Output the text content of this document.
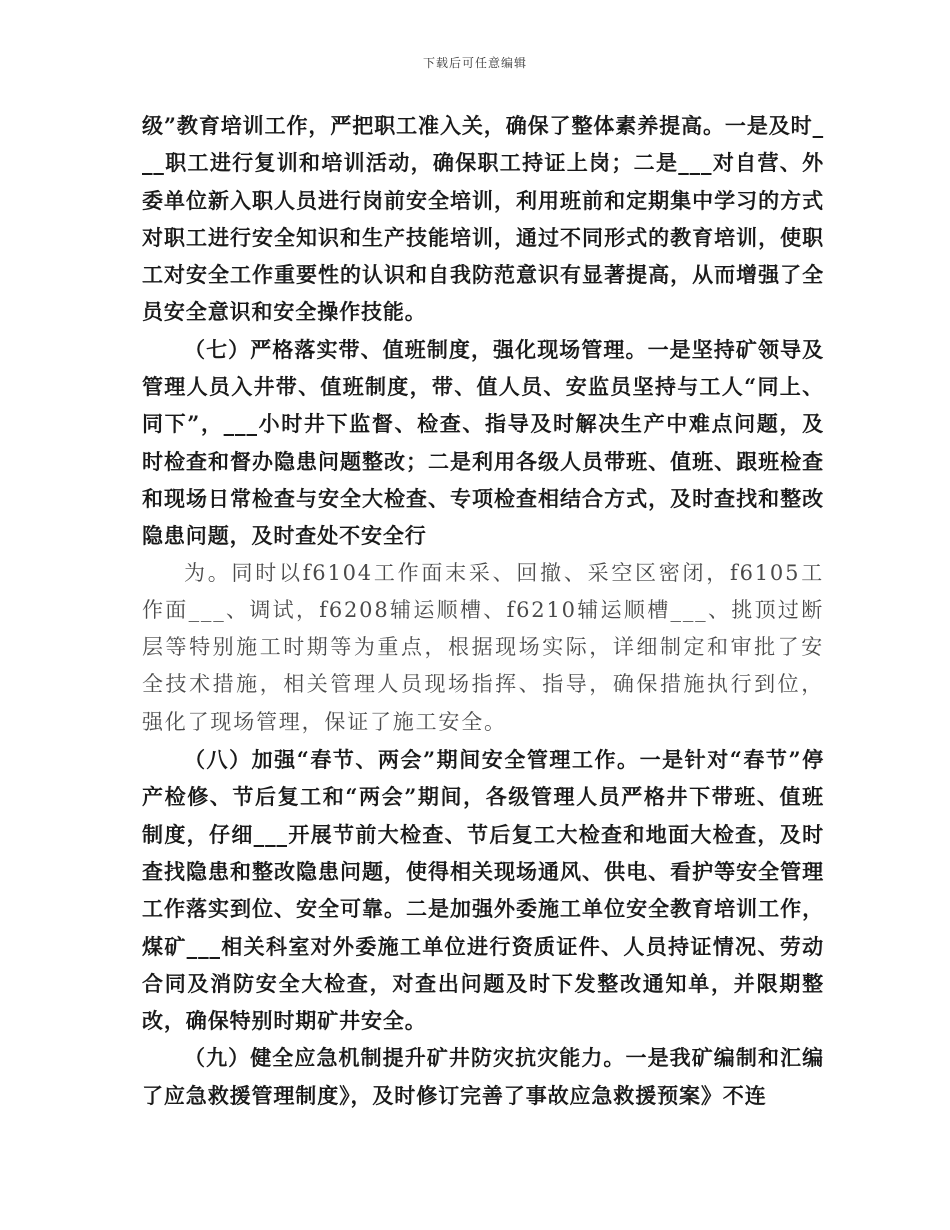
下载后可任意编辑

级”教育培训工作，严把职工准入关，确保了整体素养提高。一是及时___职工进行复训和培训活动，确保职工持证上岗；二是___对自营、外委单位新入职人员进行岗前安全培训，利用班前和定期集中学习的方式对职工进行安全知识和生产技能培训，通过不同形式的教育培训，使职工对安全工作重要性的认识和自我防范意识有显著提高，从而增强了全员安全意识和安全操作技能。

（七）严格落实带、值班制度，强化现场管理。一是坚持矿领导及管理人员入井带、值班制度，带、值人员、安监员坚持与工人“同上、同下”，___小时井下监督、检查、指导及时解决生产中难点问题，及时检查和督办隐患问题整改；二是利用各级人员带班、值班、跟班检查和现场日常检查与安全大检查、专项检查相结合方式，及时查找和整改隐患问题，及时查处不安全行

为。同时以f6104工作面末采、回撤、采空区密闭，f6105工作面___、调试，f6208辅运顺槽、f6210辅运顺槽___、挑顶过断层等特别施工时期等为重点，根据现场实际，详细制定和审批了安全技术措施，相关管理人员现场指挥、指导，确保措施执行到位，强化了现场管理，保证了施工安全。

（八）加强“春节、两会”期间安全管理工作。一是针对“春节”停产检修、节后复工和“两会”期间，各级管理人员严格井下带班、值班制度，仔细___开展节前大检查、节后复工大检查和地面大检查，及时查找隐患和整改隐患问题，使得相关现场通风、供电、看护等安全管理工作落实到位、安全可靠。二是加强外委施工单位安全教育培训工作，煤矿___相关科室对外委施工单位进行资质证件、人员持证情况、劳动合同及消防安全大检查，对查出问题及时下发整改通知单，并限期整改，确保特别时期矿井安全。

（九）健全应急机制提升矿井防灾抗灾能力。一是我矿编制和汇编了应急救援管理制度》，及时修订完善了事故应急救援预案》不连
